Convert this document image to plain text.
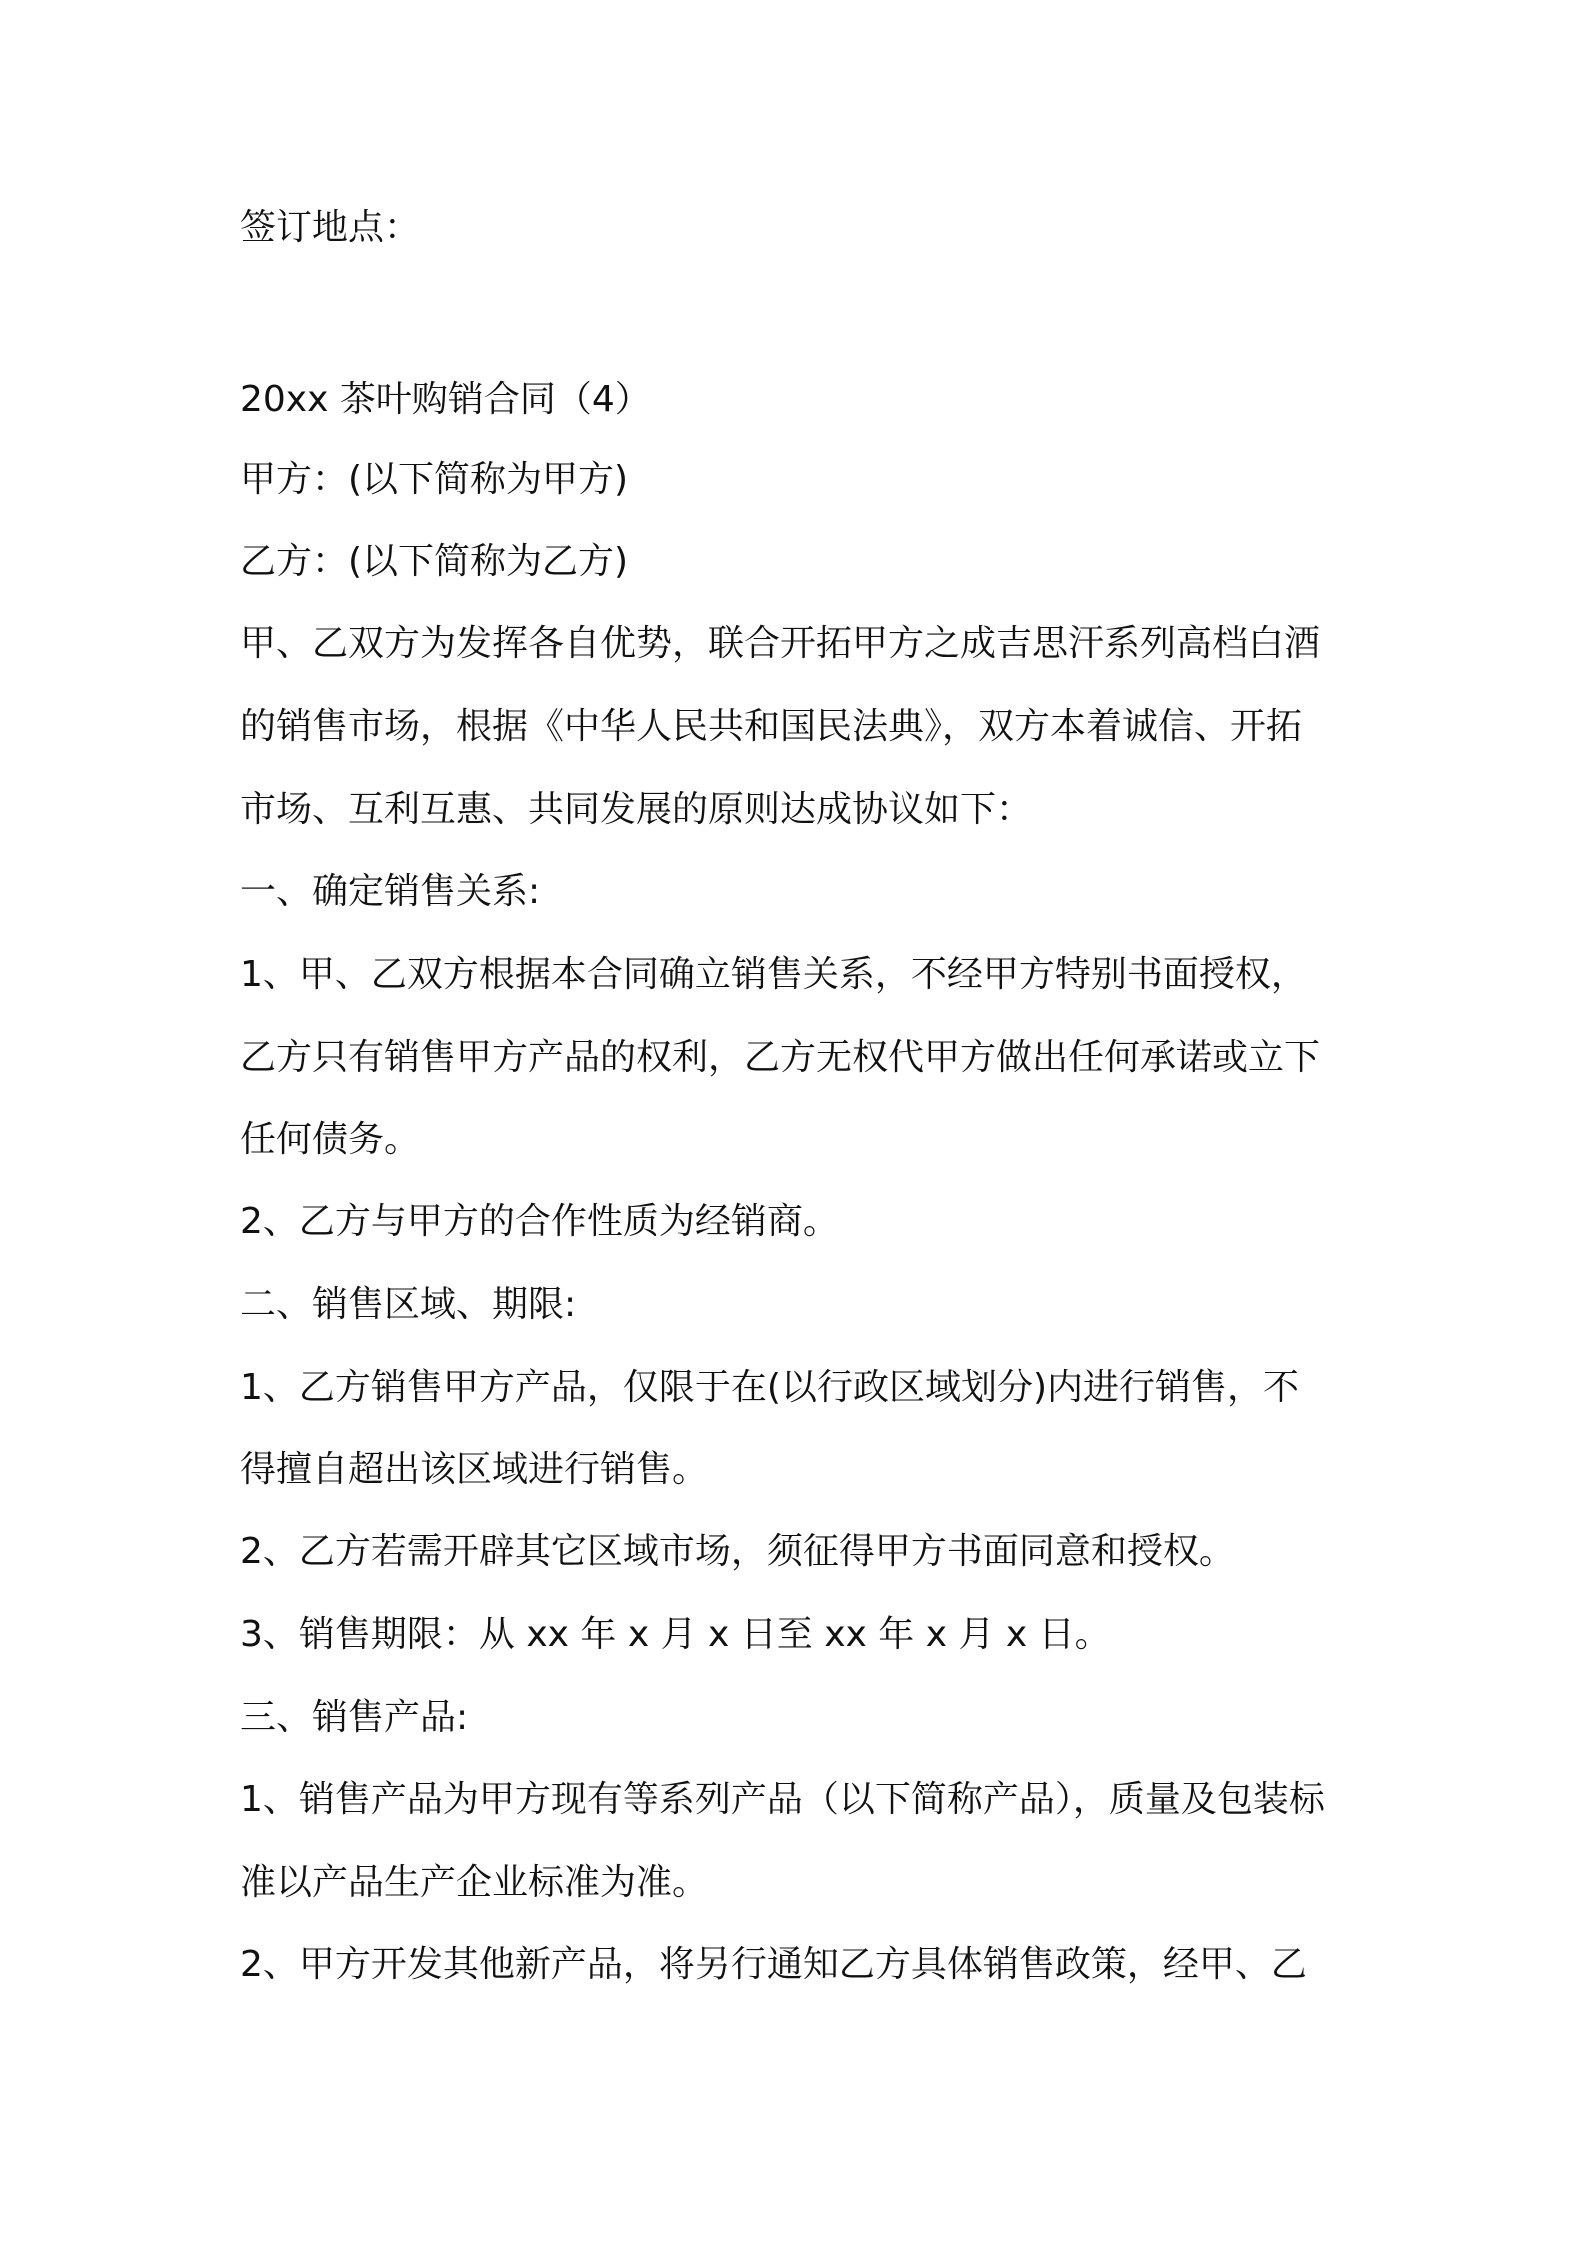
签订地点：

20xx 茶叶购销合同（4）

甲方：(以下简称为甲方)

乙方：(以下简称为乙方)

甲、乙双方为发挥各自优势，联合开拓甲方之成吉思汗系列高档白酒

的销售市场，根据《中华人民共和国民法典》，双方本着诚信、开拓

市场、互利互惠、共同发展的原则达成协议如下：

一、确定销售关系:

1、甲、乙双方根据本合同确立销售关系，不经甲方特别书面授权，

乙方只有销售甲方产品的权利，乙方无权代甲方做出任何承诺或立下

任何债务。

2、乙方与甲方的合作性质为经销商。

二、销售区域、期限:

1、乙方销售甲方产品，仅限于在(以行政区域划分)内进行销售，不

得擅自超出该区域进行销售。

2、乙方若需开辟其它区域市场，须征得甲方书面同意和授权。

3、销售期限：从 xx 年 x 月 x 日至 xx 年 x 月 x 日。

三、销售产品:

1、销售产品为甲方现有等系列产品（以下简称产品），质量及包装标

准以产品生产企业标准为准。

2、甲方开发其他新产品，将另行通知乙方具体销售政策，经甲、乙
